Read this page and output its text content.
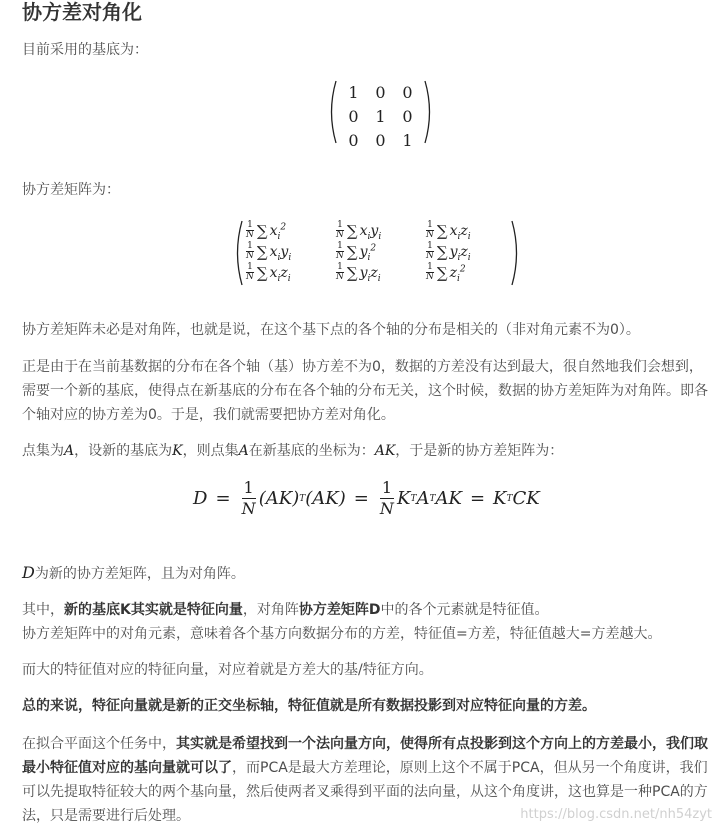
协方差对角化

目前采用的基底为：

1	0	0
0	1	0
0	0	1

协方差矩阵为：

$\frac{1}{N}$ ∑ $x_i^2$	$\frac{1}{N}$ ∑ $x_iy_i$	$\frac{1}{N}$ ∑ $x_iz_i$
$\frac{1}{N}$ ∑ $x_iy_i$	$\frac{1}{N}$ ∑ $y_i^2$	$\frac{1}{N}$ ∑ $y_iz_i$
$\frac{1}{N}$ ∑ $x_iz_i$	$\frac{1}{N}$ ∑ $y_iz_i$	$\frac{1}{N}$ ∑ $z_i^2$

协方差矩阵未必是对角阵，也就是说，在这个基下点的各个轴的分布是相关的（非对角元素不为0）。

正是由于在当前基数据的分布在各个轴（基）协方差不为0，数据的方差没有达到最大，很自然地我们会想到，需要一个新的基底，使得点在新基底的分布在各个轴的分布无关，这个时候，数据的协方差矩阵为对角阵。即各个轴对应的协方差为0。于是，我们就需要把协方差对角化。

点集为A，设新的基底为K，则点集A在新基底的坐标为：AK，于是新的协方差矩阵为：

$D = \frac{1}{N} (AK)$ T $(AK) = \frac{1}{N}$ K T A T AK = K T CK

D为新的协方差矩阵，且为对角阵。

其中，新的基底K其实就是特征向量，对角阵协方差矩阵D中的各个元素就是特征值。
协方差矩阵中的对角元素，意味着各个基方向数据分布的方差，特征值=方差，特征值越大=方差越大。

而大的特征值对应的特征向量，对应着就是方差大的基/特征方向。

总的来说，特征向量就是新的正交坐标轴，特征值就是所有数据投影到对应特征向量的方差。

在拟合平面这个任务中，其实就是希望找到一个法向量方向，使得所有点投影到这个方向上的方差最小，我们取最小特征值对应的基向量就可以了，而PCA是最大方差理论，原则上这个不属于PCA，但从另一个角度讲，我们可以先提取特征较大的两个基向量，然后使两者叉乘得到平面的法向量，从这个角度讲，这也算是一种PCA的方法，只是需要进行后处理。	https://blog.csdn.net/nh54zyt
